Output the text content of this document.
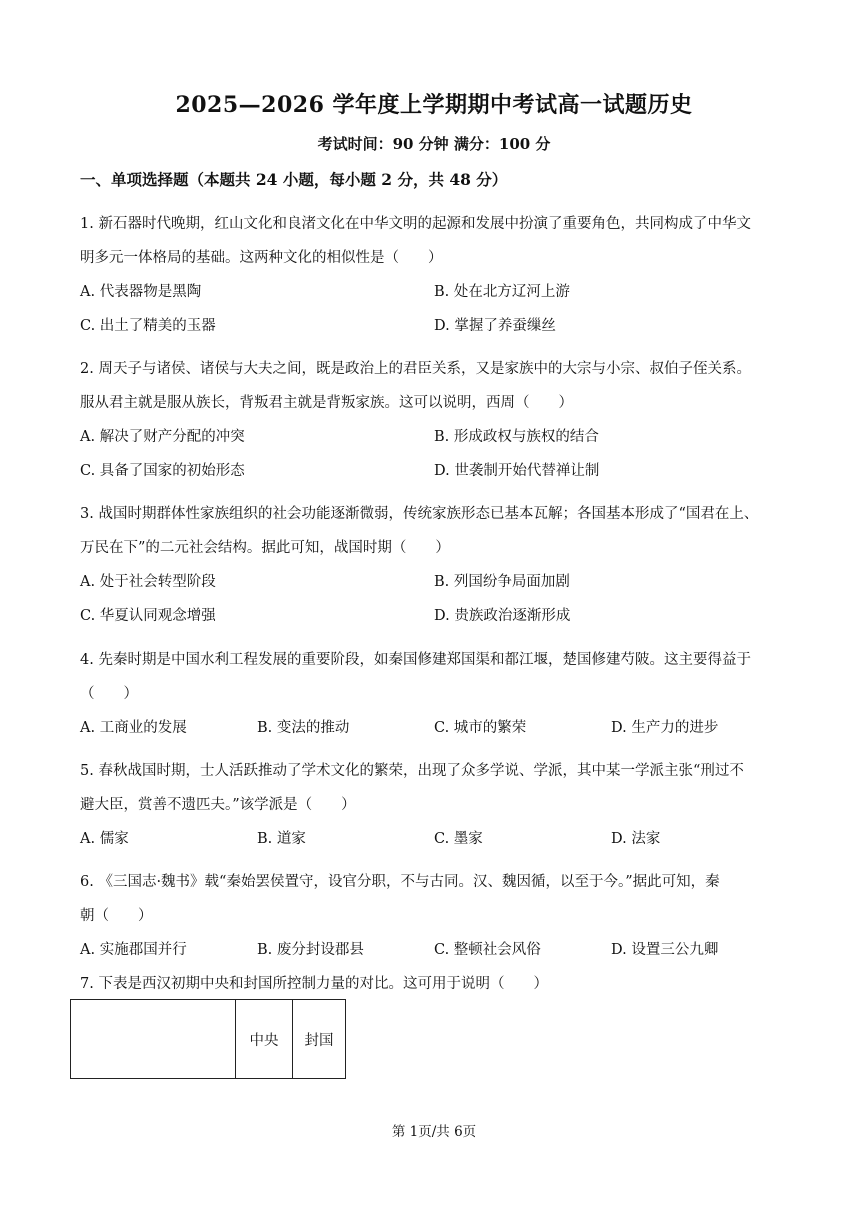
2025—2026 学年度上学期期中考试高一试题历史
考试时间：90 分钟 满分：100 分
一、单项选择题（本题共 24 小题，每小题 2 分，共 48 分）
1. 新石器时代晚期，红山文化和良渚文化在中华文明的起源和发展中扮演了重要角色，共同构成了中华文
明多元一体格局的基础。这两种文化的相似性是（　　）
A. 代表器物是黑陶	B. 处在北方辽河上游
C. 出土了精美的玉器	D. 掌握了养蚕缫丝
2. 周天子与诸侯、诸侯与大夫之间，既是政治上的君臣关系，又是家族中的大宗与小宗、叔伯子侄关系。
服从君主就是服从族长，背叛君主就是背叛家族。这可以说明，西周（　　）
A. 解决了财产分配的冲突	B. 形成政权与族权的结合
C. 具备了国家的初始形态	D. 世袭制开始代替禅让制
3. 战国时期群体性家族组织的社会功能逐渐微弱，传统家族形态已基本瓦解；各国基本形成了“国君在上、
万民在下”的二元社会结构。据此可知，战国时期（　　）
A. 处于社会转型阶段	B. 列国纷争局面加剧
C. 华夏认同观念增强	D. 贵族政治逐渐形成
4. 先秦时期是中国水利工程发展的重要阶段，如秦国修建郑国渠和都江堰，楚国修建芍陂。这主要得益于
（　　）
A. 工商业的发展	B. 变法的推动	C. 城市的繁荣	D. 生产力的进步
5. 春秋战国时期，士人活跃推动了学术文化的繁荣，出现了众多学说、学派，其中某一学派主张“刑过不
避大臣，赏善不遗匹夫。”该学派是（　　）
A. 儒家	B. 道家	C. 墨家	D. 法家
6. 《三国志·魏书》载“秦始罢侯置守，设官分职，不与古同。汉、魏因循，以至于今。”据此可知，秦
朝（　　）
A. 实施郡国并行	B. 废分封设郡县	C. 整顿社会风俗	D. 设置三公九卿
7. 下表是西汉初期中央和封国所控制力量的对比。这可用于说明（　　）
	中央	封国
第 1页/共 6页
